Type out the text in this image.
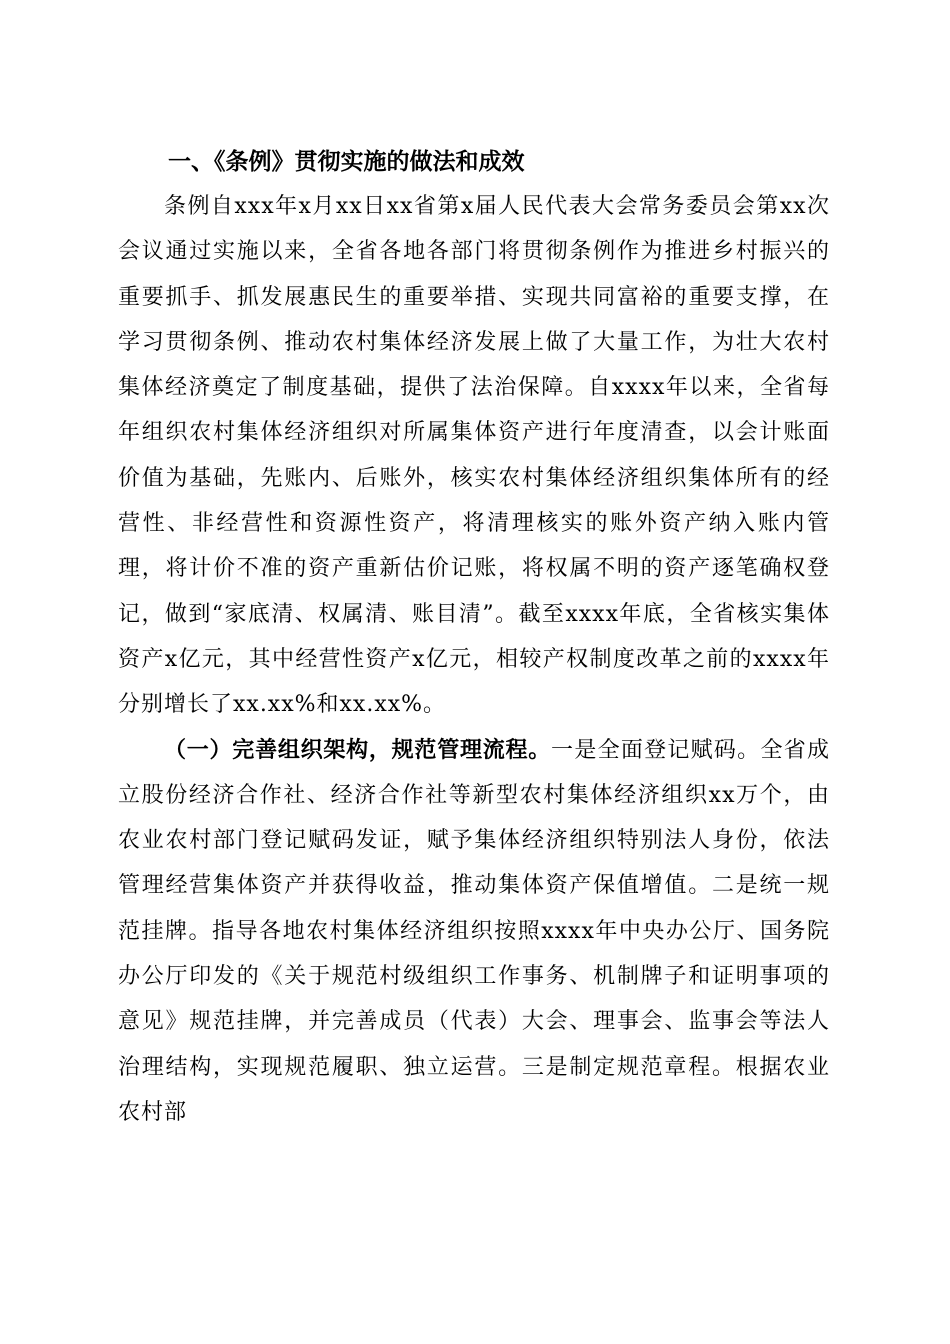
一、《条例》贯彻实施的做法和成效

条例自xxx年x月xx日xx省第x届人民代表大会常务委员会第xx次会议通过实施以来，全省各地各部门将贯彻条例作为推进乡村振兴的重要抓手、抓发展惠民生的重要举措、实现共同富裕的重要支撑，在学习贯彻条例、推动农村集体经济发展上做了大量工作，为壮大农村集体经济奠定了制度基础，提供了法治保障。自xxxx年以来，全省每年组织农村集体经济组织对所属集体资产进行年度清查，以会计账面价值为基础，先账内、后账外，核实农村集体经济组织集体所有的经营性、非经营性和资源性资产，将清理核实的账外资产纳入账内管理，将计价不准的资产重新估价记账，将权属不明的资产逐笔确权登记，做到“家底清、权属清、账目清”。截至xxxx年底，全省核实集体资产x亿元，其中经营性资产x亿元，相较产权制度改革之前的xxxx年分别增长了xx.xx%和xx.xx%。

（一）完善组织架构，规范管理流程。一是全面登记赋码。全省成立股份经济合作社、经济合作社等新型农村集体经济组织xx万个，由农业农村部门登记赋码发证，赋予集体经济组织特别法人身份，依法管理经营集体资产并获得收益，推动集体资产保值增值。二是统一规范挂牌。指导各地农村集体经济组织按照xxxx年中央办公厅、国务院办公厅印发的《关于规范村级组织工作事务、机制牌子和证明事项的意见》规范挂牌，并完善成员（代表）大会、理事会、监事会等法人治理结构，实现规范履职、独立运营。三是制定规范章程。根据农业农村部
